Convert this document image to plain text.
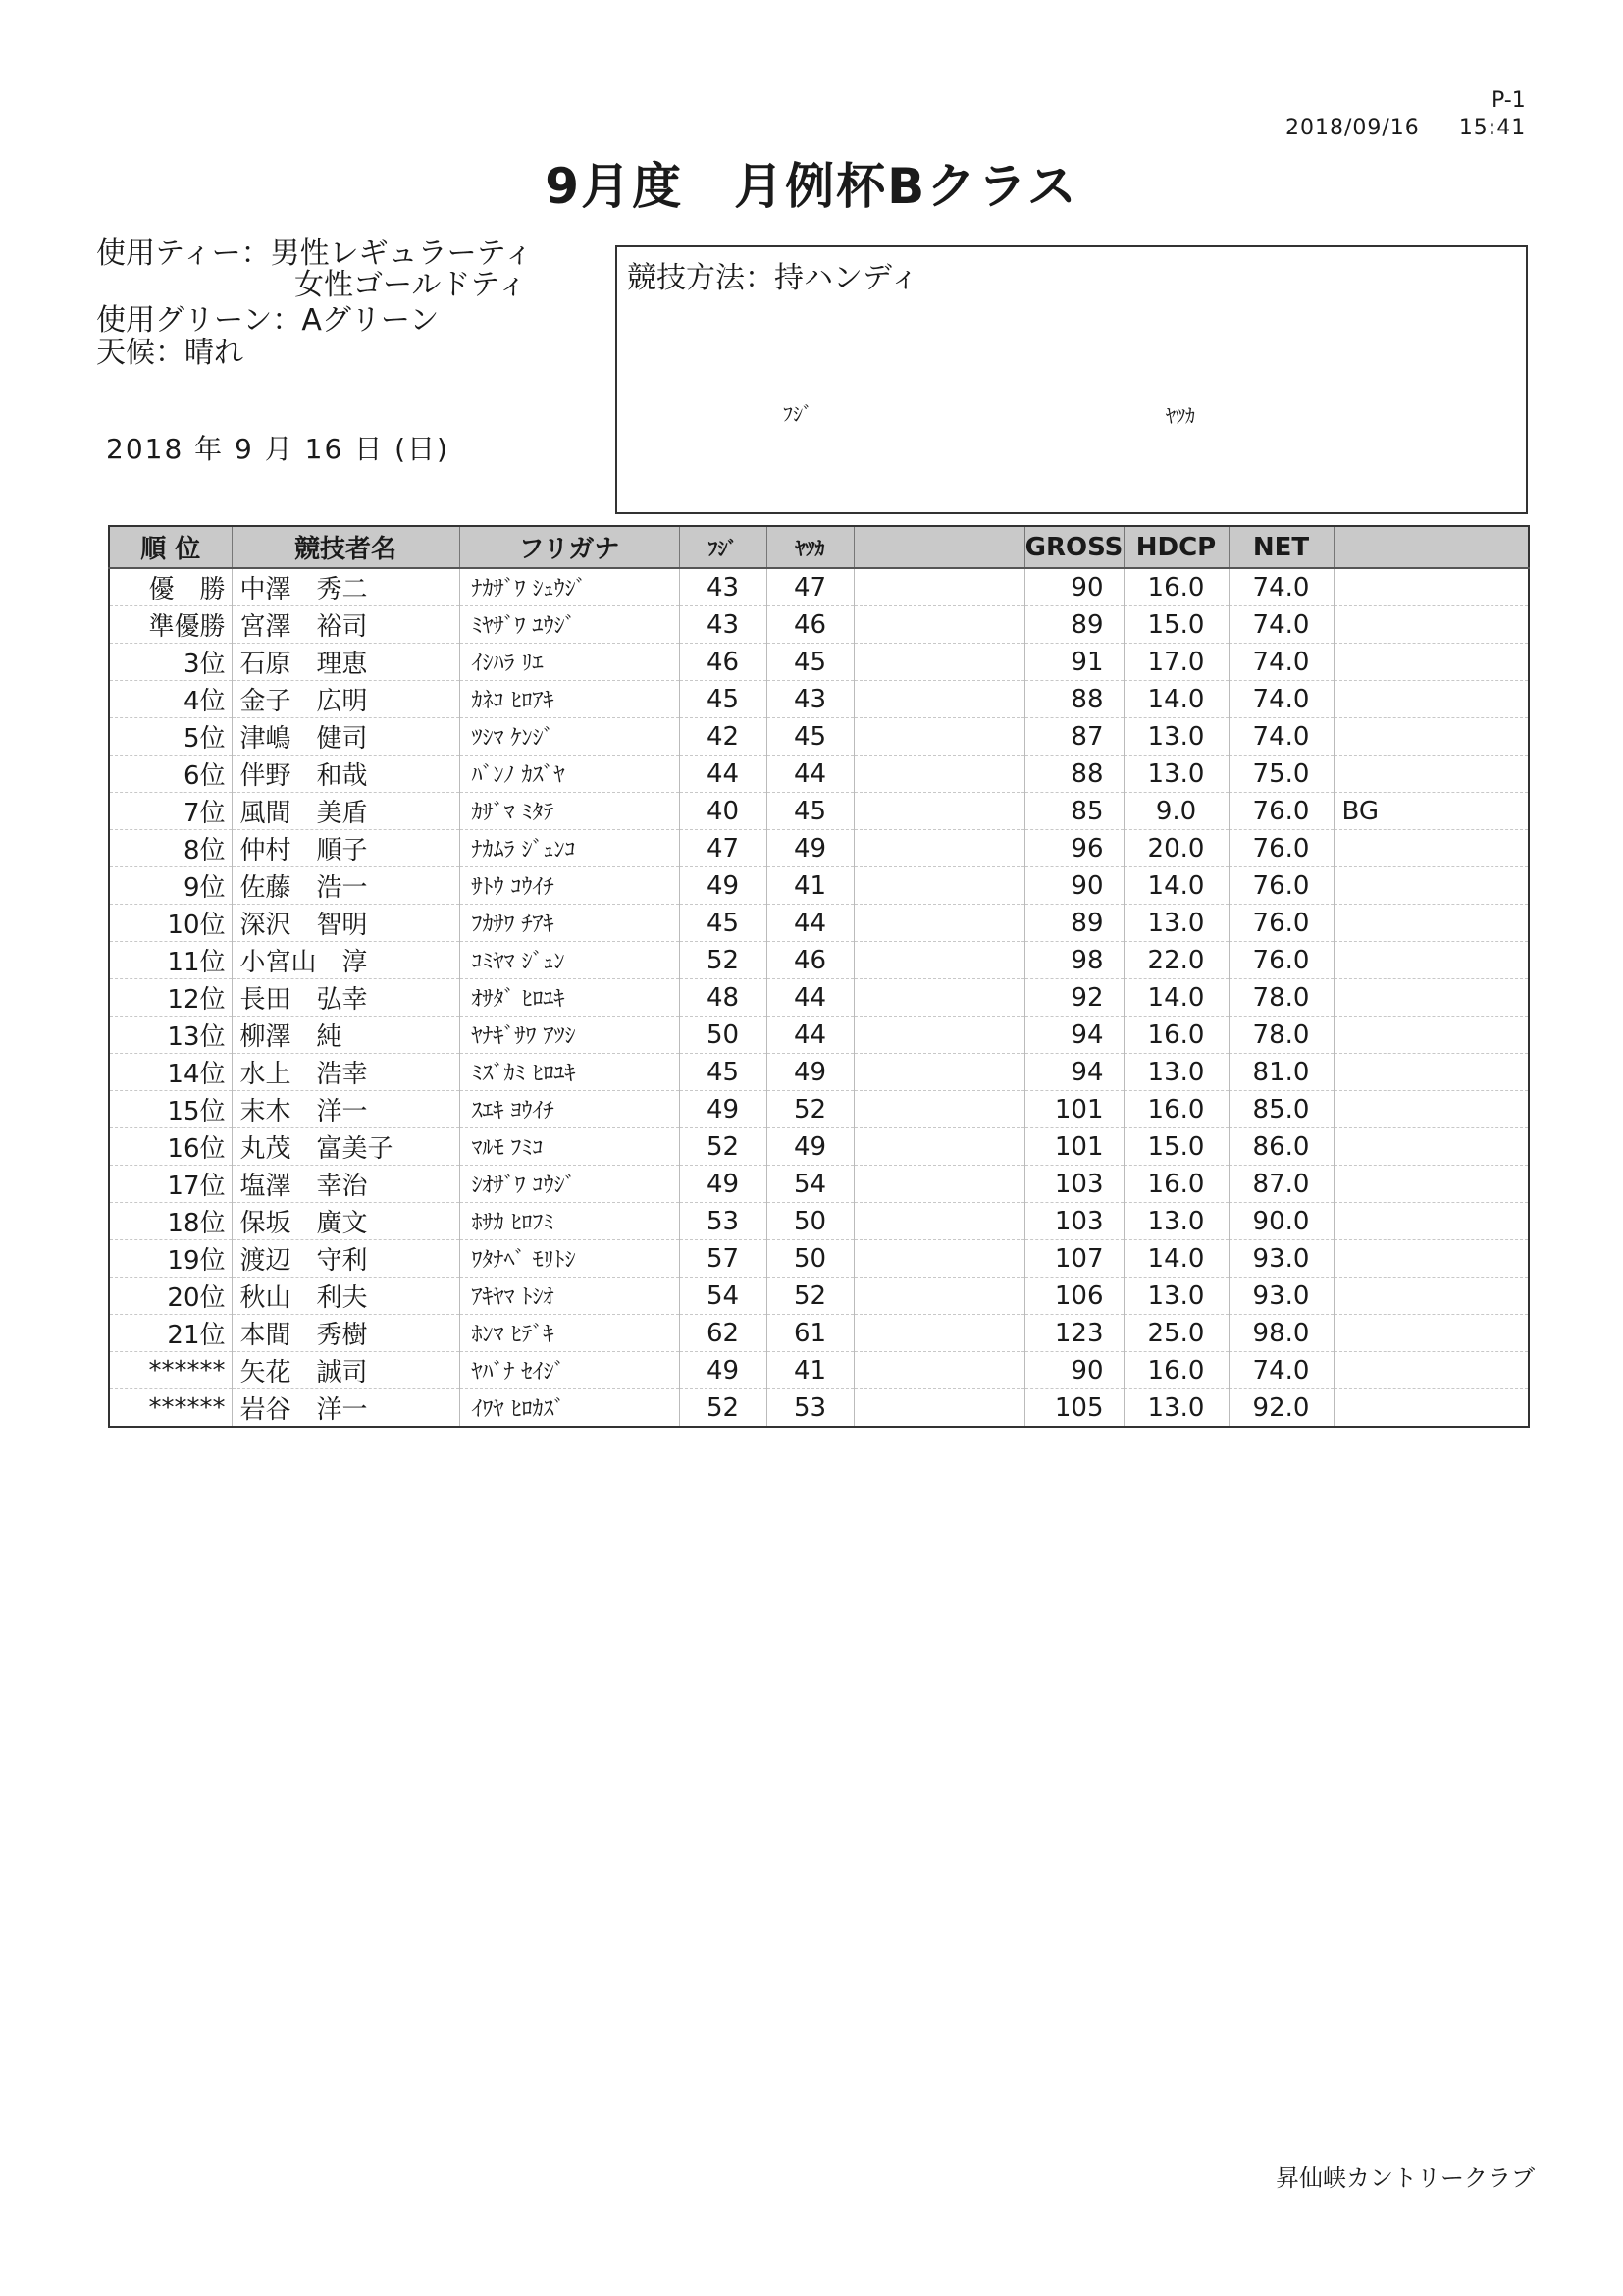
P-1
2018/09/16 15:41
9月度　月例杯Bクラス
使用ティー：男性レギュラーティ
女性ゴールドティ
使用グリーン：Aグリーン
天候：晴れ
2018 年 9 月 16 日 (日)
競技方法：持ハンディ
ﾌｼﾞ	ﾔﾂｶ
順 位	競技者名	フリガナ	ﾌｼﾞ	ﾔﾂｶ		GROSS	HDCP	NET	
優　勝	中澤　秀二	ﾅｶｻﾞﾜ ｼｭｳｼﾞ	43	47		90	16.0	74.0	
準優勝	宮澤　裕司	ﾐﾔｻﾞﾜ ﾕｳｼﾞ	43	46		89	15.0	74.0	
3位	石原　理恵	ｲｼﾊﾗ ﾘｴ	46	45		91	17.0	74.0	
4位	金子　広明	ｶﾈｺ ﾋﾛｱｷ	45	43		88	14.0	74.0	
5位	津嶋　健司	ﾂｼﾏ ｹﾝｼﾞ	42	45		87	13.0	74.0	
6位	伴野　和哉	ﾊﾞﾝﾉ ｶｽﾞﾔ	44	44		88	13.0	75.0	
7位	風間　美盾	ｶｻﾞﾏ ﾐﾀﾃ	40	45		85	9.0	76.0	BG
8位	仲村　順子	ﾅｶﾑﾗ ｼﾞｭﾝｺ	47	49		96	20.0	76.0	
9位	佐藤　浩一	ｻﾄｳ ｺｳｲﾁ	49	41		90	14.0	76.0	
10位	深沢　智明	ﾌｶｻﾜ ﾁｱｷ	45	44		89	13.0	76.0	
11位	小宮山　淳	ｺﾐﾔﾏ ｼﾞｭﾝ	52	46		98	22.0	76.0	
12位	長田　弘幸	ｵｻﾀﾞ ﾋﾛﾕｷ	48	44		92	14.0	78.0	
13位	柳澤　純	ﾔﾅｷﾞｻﾜ ｱﾂｼ	50	44		94	16.0	78.0	
14位	水上　浩幸	ﾐｽﾞｶﾐ ﾋﾛﾕｷ	45	49		94	13.0	81.0	
15位	末木　洋一	ｽｴｷ ﾖｳｲﾁ	49	52		101	16.0	85.0	
16位	丸茂　富美子	ﾏﾙﾓ ﾌﾐｺ	52	49		101	15.0	86.0	
17位	塩澤　幸治	ｼｵｻﾞﾜ ｺｳｼﾞ	49	54		103	16.0	87.0	
18位	保坂　廣文	ﾎｻｶ ﾋﾛﾌﾐ	53	50		103	13.0	90.0	
19位	渡辺　守利	ﾜﾀﾅﾍﾞ ﾓﾘﾄｼ	57	50		107	14.0	93.0	
20位	秋山　利夫	ｱｷﾔﾏ ﾄｼｵ	54	52		106	13.0	93.0	
21位	本間　秀樹	ﾎﾝﾏ ﾋﾃﾞｷ	62	61		123	25.0	98.0	
******	矢花　誠司	ﾔﾊﾞﾅ ｾｲｼﾞ	49	41		90	16.0	74.0	
******	岩谷　洋一	ｲﾜﾔ ﾋﾛｶｽﾞ	52	53		105	13.0	92.0	
昇仙峡カントリークラブ
